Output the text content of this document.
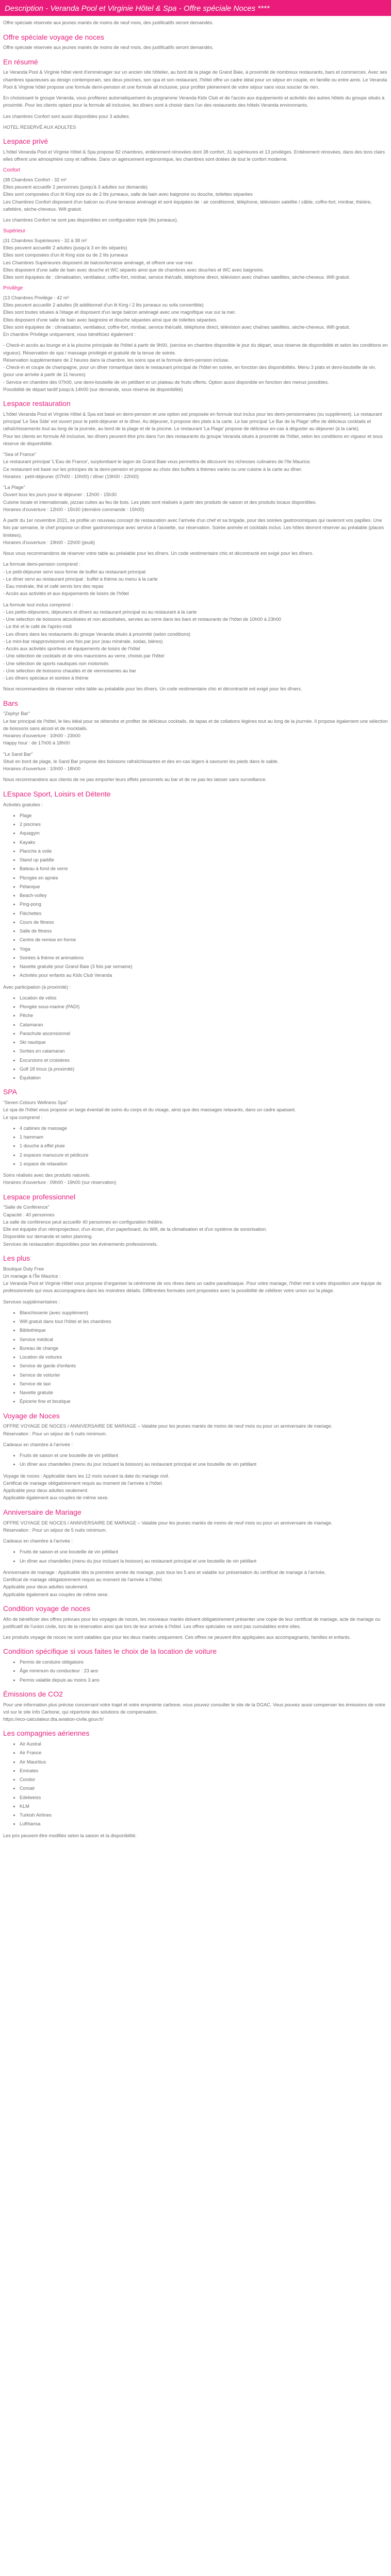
Description - Veranda Pool et Virginie Hôtel & Spa - Offre spéciale Noces ****

Offre spéciale réservée aux jeunes mariés de moins de neuf mois, des justificatifs seront demandés.

Offre spéciale voyage de noces

Offre spéciale réservée aux jeunes mariés de moins de neuf mois, des justificatifs seront demandés.

En résumé

Le Veranda Pool & Virginie hôtel vient d'emménager sur un ancien site hôtelier, au bord de la plage de Grand Baie, à proximité de nombreux restaurants, bars et commerces. Avec ses chambres spacieuses au design contemporain, ses deux piscines, son spa et son restaurant, l'hôtel offre un cadre idéal pour un séjour en couple, en famille ou entre amis. Le Veranda Pool & Virginie hôtel propose une formule demi-pension et une formule all inclusive, pour profiter pleinement de votre séjour sans vous soucier de rien.

En choisissant le groupe Veranda, vous profiterez automatiquement du programme Veranda Kids Club et de l'accès aux équipements et activités des autres hôtels du groupe situés à proximité. Pour les clients optant pour la formule all inclusive, les dîners sont à choisir dans l'un des restaurants des hôtels Veranda environnants.

Les chambres Confort sont aussi disponibles pour 3 adultes.

HOTEL RESERVÉ AUX ADULTES

Lespace privé

L'hôtel Veranda Pool et Virginie Hôtel & Spa propose 82 chambres, entièrement rénovées dont 38 confort, 31 supérieures et 13 privilèges. Entièrement rénovées, dans des tons clairs elles offrent une atmosphère cosy et raffinée. Dans un agencement ergonomique, les chambres sont dotées de tout le confort moderne.

Confort

(38 Chambres Confort - 32 m²
Elles peuvent accueillir 2 personnes (jusqu'à 3 adultes sur demande)
Elles sont composées d'un lit King size ou de 2 lits jumeaux, salle de bain avec baignoire ou douche, toilettes séparées
Les Chambres Confort disposent d'un balcon ou d'une terrasse aménagé et sont équipées de : air conditionné, téléphone, télévision satellite / câble, coffre-fort, minibar, théière, cafetière, sèche-cheveux. Wifi gratuit.

Les chambres Confort ne sont pas disponibles en configuration triple (lits jumeaux).

Supérieur

(31 Chambres Supérieures - 32 à 38 m²
Elles peuvent accueillir 2 adultes (jusqu'à 3 en lits séparés)
Elles sont composées d'un lit King size ou de 2 lits jumeaux
Les Chambres Supérieures disposent de balcon/terrasse aménagé, et offrent une vue mer.
Elles disposent d'une salle de bain avec douche et WC séparés ainsi que de chambres avec douches et WC avec baignoire.
Elles sont équipées de : climatisation, ventilateur, coffre-fort, minibar, service thé/café, téléphone direct, télévision avec chaînes satellites, sèche-cheveux. Wifi gratuit.

Privilège

(13 Chambres Privilège - 42 m²
Elles peuvent accueillir 2 adultes (lit additionnel d'un lit King / 2 lits jumeaux ou sofa convertible)
Elles sont toutes situées à l'étage et disposent d'un large balcon aménagé avec une magnifique vue sur la mer.
Elles disposent d'une salle de bain avec baignoire et douche séparées ainsi que de toilettes séparées.
Elles sont équipées de : climatisation, ventilateur, coffre-fort, minibar, service thé/café, téléphone direct, télévision avec chaînes satellites, sèche-cheveux. Wifi gratuit.
En chambre Privilège uniquement, vous bénéficiez également :

- Check-in accès au lounge et à la piscine principale de l'hôtel à partir de 9h00, (service en chambre disponible le jour du départ, sous réserve de disponibilité et selon les conditions en vigueur). Réservation de spa / massage privilégié et gratuité de la tenue de soirée.
Réservation supplémentaire de 2 heures dans la chambre, les soins spa et la formule demi-pension incluse.
- Check-in et coupe de champagne, pour un dîner romantique dans le restaurant principal de l'hôtel en soirée, en fonction des disponibilités. Menu 3 plats et demi-bouteille de vin.
(pour une arrivée à partir de 11 heures)
- Service en chambre dès 07h00, une demi-bouteille de vin pétillant et un plateau de fruits offerts. Option aussi disponible en fonction des menus possibles.
Possibilité de départ tardif jusqu'à 14h00 (sur demande, sous réserve de disponibilité)

Lespace restauration

L'hôtel Veranda Pool et Virginie Hôtel & Spa est basé en demi-pension et une option est proposée en formule tout inclus pour les demi-pensionnaires (ou supplément). Le restaurant principal 'Le Sea Side' est ouvert pour le petit-déjeuner et le dîner. Au déjeuner, il propose des plats à la carte. Le bar principal 'Le Bar de la Plage' offre de délicieux cocktails et rafraîchissements tout au long de la journée, au bord de la plage et de la piscine. Le restaurant 'La Plage' propose de délicieux en-cas à déguster au déjeuner (à la carte).
Pour les clients en formule All inclusive, les dîners peuvent être pris dans l'un des restaurants du groupe Veranda situés à proximité de l'hôtel, selon les conditions en vigueur et sous réserve de disponibilité.

"Sea of France"
Le restaurant principal 'L'Eau de France', surplombant le lagon de Grand Baie vous permettra de découvrir les richesses culinaires de l'île Maurice.
Ce restaurant est basé sur les principes de la demi-pension et propose au choix des buffets à thèmes variés ou une cuisine à la carte au dîner.
Horaires : petit-déjeuner (07h00 - 10h00) / dîner (19h00 - 22h00)

"La Plage"
Ouvert tous les jours pour le déjeuner : 12h00 - 15h30
Cuisine locale et internationale, pizzas cuites au feu de bois. Les plats sont réalisés à partir des produits de saison et des produits locaux disponibles.
Horaires d'ouverture : 12h00 - 15h30 (dernière commande : 15h00)

À partir du 1er novembre 2021, se profile un nouveau concept de restauration avec l'arrivée d'un chef et sa brigade, pour des soirées gastronomiques qui ravieront vos papilles. Une fois par semaine, le chef propose un dîner gastronomique avec service à l'assiette, sur réservation. Soirée animée et cocktails inclus. Les hôtes devront réserver au préalable (places limitées).
Horaires d'ouverture : 19h00 - 22h00 (jeudi)

Nous vous recommandons de réserver votre table au préalable pour les dîners. Un code vestimentaire chic et décontracté est exigé pour les dîners.

La formule demi-pension comprend :
- Le petit-déjeuner servi sous forme de buffet au restaurant principal
- Le dîner servi au restaurant principal : buffet à thème ou menu à la carte
- Eau minérale, thé et café servis lors des repas
- Accès aux activités et aux équipements de loisirs de l'hôtel

La formule tout inclus comprend :
- Les petits-déjeuners, déjeuners et dîners au restaurant principal ou au restaurant à la carte
- Une sélection de boissons alcoolisées et non alcoolisées, servies au verre dans les bars et restaurants de l'hôtel de 10h00 à 23h00
- Le thé et le café de l'après-midi
- Les dîners dans les restaurants du groupe Veranda situés à proximité (selon conditions)
- Le mini-bar réapprovisionné une fois par jour (eau minérale, sodas, bières)
- Accès aux activités sportives et équipements de loisirs de l'hôtel
- Une sélection de cocktails et de vins mauriciens au verre, choisis par l'hôtel
- Une sélection de sports nautiques non motorisés
- Une sélection de boissons chaudes et de viennoiseries au bar
- Les dîners spéciaux et soirées à thème

Nous recommandons de réserver votre table au préalable pour les dîners. Un code vestimentaire chic et décontracté est exigé pour les dîners.

Bars

"Zephyr Bar"
Le bar principal de l'hôtel, le lieu idéal pour se détendre et profiter de délicieux cocktails, de tapas et de collations légères tout au long de la journée. Il propose également une sélection de boissons sans alcool et de mocktails.
Horaires d'ouverture : 10h00 - 23h00
Happy hour : de 17h00 à 18h00

"Le Sand Bar"
Situé en bord de plage, le Sand Bar propose des boissons rafraîchissantes et des en-cas légers à savourer les pieds dans le sable.
Horaires d'ouverture : 10h00 - 18h00

Nous recommandons aux clients de ne pas emporter leurs effets personnels au bar et de ne pas les laisser sans surveillance.

LEspace Sport, Loisirs et Détente

Activités gratuites :

• Plage
• 2 piscines
• Aquagym
• Kayaks
• Planche à voile
• Stand up paddle
• Bateau à fond de verre
• Plongée en apnée
• Pétanque
• Beach-volley
• Ping-pong
• Fléchettes
• Cours de fitness
• Salle de fitness
• Centre de remise en forme
• Yoga
• Soirées à thème et animations
• Navette gratuite pour Grand Baie (3 fois par semaine)
• Activités pour enfants au Kids Club Veranda

Avec participation (à proximité) :

• Location de vélos
• Plongée sous-marine (PADI)
• Pêche
• Catamaran
• Parachute ascensionnel
• Ski nautique
• Sorties en catamaran
• Excursions et croisières
• Golf 18 trous (à proximité)
• Équitation
SPA

"Seven Colours Wellness Spa"
Le spa de l'hôtel vous propose un large éventail de soins du corps et du visage, ainsi que des massages relaxants, dans un cadre apaisant.
Le spa comprend :

• 4 cabines de massage
• 1 hammam
• 1 douche à effet pluie
• 2 espaces manucure et pédicure
• 1 espace de relaxation

Soins réalisés avec des produits naturels.
Horaires d'ouverture : 09h00 - 19h00 (sur réservation)

Lespace professionnel

"Salle de Conférence"
Capacité : 40 personnes
La salle de conférence peut accueillir 40 personnes en configuration théâtre.
Elle est équipée d'un rétroprojecteur, d'un écran, d'un paperboard, du Wifi, de la climatisation et d'un système de sonorisation.
Disponible sur demande et selon planning.
Services de restauration disponibles pour les événements professionnels.

Les plus

Boutique Duty Free
Un mariage à l'Île Maurice :
Le Veranda Pool et Virginie Hôtel vous propose d'organiser la cérémonie de vos rêves dans un cadre paradisiaque. Pour votre mariage, l'hôtel met à votre disposition une équipe de professionnels qui vous accompagnera dans les moindres détails. Différentes formules sont proposées avec la possibilité de célébrer votre union sur la plage.

Services supplémentaires :

• Blanchisserie (avec supplément)
• Wifi gratuit dans tout l'hôtel et les chambres
• Bibliothèque
• Service médical
• Bureau de change
• Location de voitures
• Service de garde d'enfants
• Service de voiturier
• Service de taxi
• Navette gratuite
• Épicerie fine et boutique
Voyage de Noces

OFFRE VOYAGE DE NOCES / ANNIVERSAIRE DE MARIAGE – Valable pour les jeunes mariés de moins de neuf mois ou pour un anniversaire de mariage.
Réservation : Pour un séjour de 5 nuits minimum.

Cadeaux en chambre à l'arrivée :

• Fruits de saison et une bouteille de vin pétillant
• Un dîner aux chandelles (menu du jour incluant la boisson) au restaurant principal et une bouteille de vin pétillant

Voyage de noces : Applicable dans les 12 mois suivant la date du mariage civil.
Certificat de mariage obligatoirement requis au moment de l'arrivée à l'hôtel.
Applicable pour deux adultes seulement.
Applicable également aux couples de même sexe.

Anniversaire de Mariage

OFFRE VOYAGE DE NOCES / ANNIVERSAIRE DE MARIAGE – Valable pour les jeunes mariés de moins de neuf mois ou pour un anniversaire de mariage.
Réservation : Pour un séjour de 5 nuits minimum.

Cadeaux en chambre à l'arrivée :

• Fruits de saison et une bouteille de vin pétillant
• Un dîner aux chandelles (menu du jour incluant la boisson) au restaurant principal et une bouteille de vin pétillant

Anniversaire de mariage : Applicable dès la première année de mariage, puis tous les 5 ans et valable sur présentation du certificat de mariage à l'arrivée.
Certificat de mariage obligatoirement requis au moment de l'arrivée à l'hôtel.
Applicable pour deux adultes seulement.
Applicable également aux couples de même sexe.

Condition voyage de noces

Afin de bénéficier des offres prévues pour les voyages de noces, les nouveaux mariés doivent obligatoirement présenter une copie de leur certificat de mariage, acte de mariage ou justificatif de l'union civile, lors de la réservation ainsi que lors de leur arrivée à l'hôtel. Les offres spéciales ne sont pas cumulables entre elles.

Les produits voyage de noces ne sont valables que pour les deux mariés uniquement. Ces offres ne peuvent être appliquées aux accompagnants, familles et enfants.

Condition spécifique si vous faites le choix de la location de voiture
• Permis de conduire obligatoire
• Âge minimum du conducteur : 23 ans
• Permis valable depuis au moins 3 ans
Émissions de CO2

Pour une information plus précise concernant votre trajet et votre empreinte carbone, vous pouvez consulter le site de la DGAC. Vous pouvez aussi compenser les émissions de votre vol sur le site Info Carbone, qui répertorie des solutions de compensation.
https://eco-calculateur.dta.aviation-civile.gouv.fr/

Les compagnies aériennes
• Air Austral
• Air France
• Air Mauritius
• Emirates
• Condor
• Corsair
• Edelweiss
• KLM
• Turkish Airlines
• Lufthansa

Les prix peuvent être modifiés selon la saison et la disponibilité.
